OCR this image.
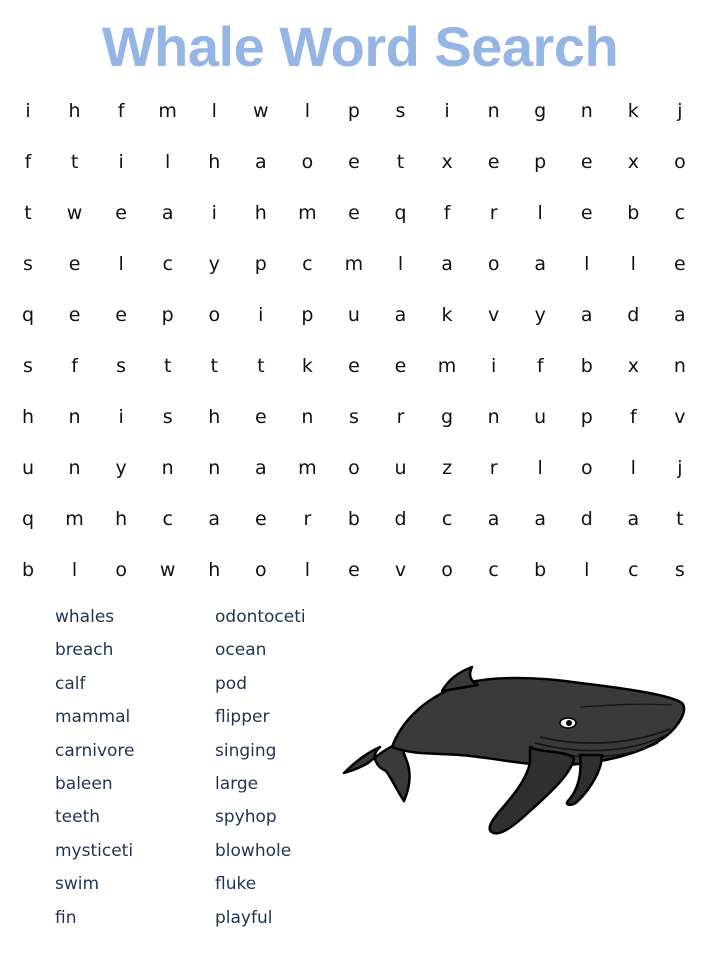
Whale Word Search
i	h	f	m	l	w	l	p s	i	n g n k	j
f	t	i	l	h a o e	t	x e p e x o
t	w e a	i	h m e q	f	r	l	e b c
s e	l	c y p c m	l	a o a	l	l	e
q e e p o	i	p u a k v y a d a
s	f	s	t	t	t	k e e m	i	f	b x n
h n	i	s h e n s	r	g n u p	f	v
u n y n n a m o u z	r	l	o	l	j
q m h c a e	r	b d c a a d a	t
b	l	o w h o	l	e v o c b	l	c s
whales
breach
calf
mammal
carnivore
baleen
teeth
mysticeti
swim
fin
odontoceti
ocean
pod
flipper
singing
large
spyhop
blowhole
fluke
playful
